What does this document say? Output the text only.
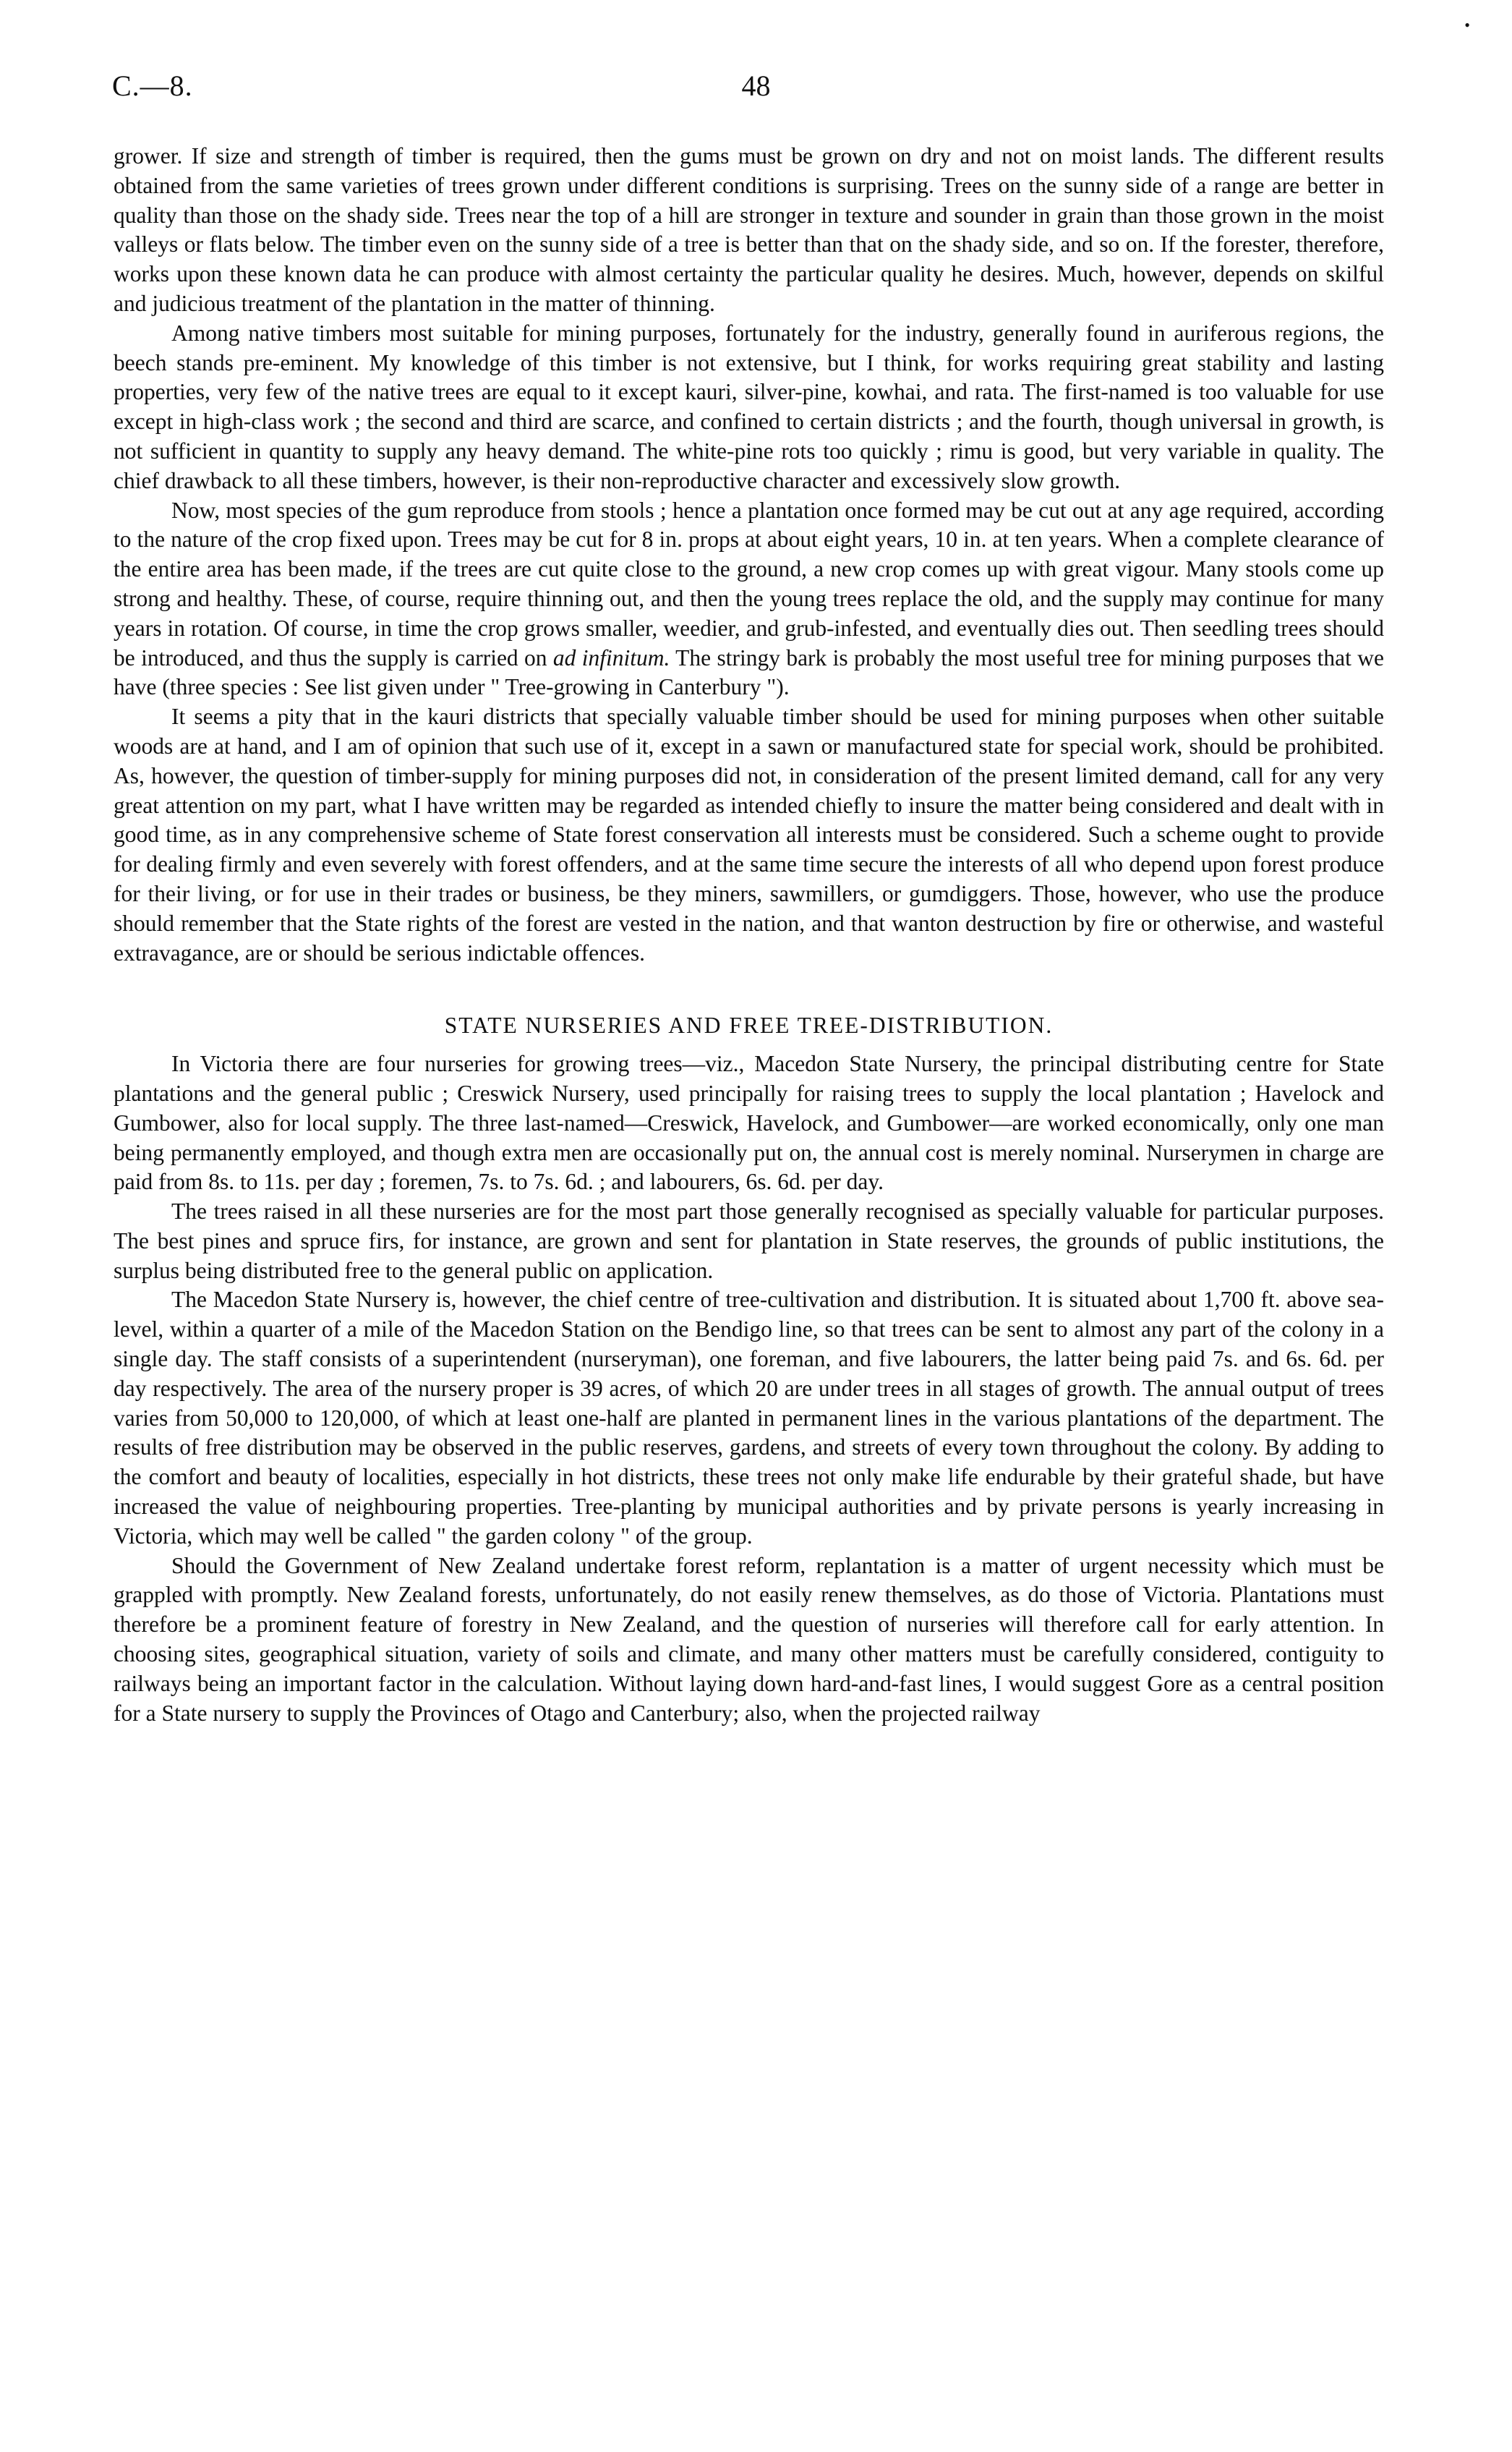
•
C.—8.	48

grower. If size and strength of timber is required, then the gums must be grown on dry and not on moist lands. The different results obtained from the same varieties of trees grown under different conditions is surprising. Trees on the sunny side of a range are better in quality than those on the shady side. Trees near the top of a hill are stronger in texture and sounder in grain than those grown in the moist valleys or flats below. The timber even on the sunny side of a tree is better than that on the shady side, and so on. If the forester, therefore, works upon these known data he can produce with almost certainty the particular quality he desires. Much, however, depends on skilful and judicious treatment of the plantation in the matter of thinning.

Among native timbers most suitable for mining purposes, fortunately for the industry, generally found in auriferous regions, the beech stands pre-eminent. My knowledge of this timber is not extensive, but I think, for works requiring great stability and lasting properties, very few of the native trees are equal to it except kauri, silver-pine, kowhai, and rata. The first-named is too valuable for use except in high-class work ; the second and third are scarce, and confined to certain districts ; and the fourth, though universal in growth, is not sufficient in quantity to supply any heavy demand. The white-pine rots too quickly ; rimu is good, but very variable in quality. The chief drawback to all these timbers, however, is their non-reproductive character and excessively slow growth.

Now, most species of the gum reproduce from stools ; hence a plantation once formed may be cut out at any age required, according to the nature of the crop fixed upon. Trees may be cut for 8 in. props at about eight years, 10 in. at ten years. When a complete clearance of the entire area has been made, if the trees are cut quite close to the ground, a new crop comes up with great vigour. Many stools come up strong and healthy. These, of course, require thinning out, and then the young trees replace the old, and the supply may continue for many years in rotation. Of course, in time the crop grows smaller, weedier, and grub-infested, and eventually dies out. Then seedling trees should be introduced, and thus the supply is carried on ad infinitum. The stringy bark is probably the most useful tree for mining purposes that we have (three species : See list given under " Tree-growing in Canterbury ").

It seems a pity that in the kauri districts that specially valuable timber should be used for mining purposes when other suitable woods are at hand, and I am of opinion that such use of it, except in a sawn or manufactured state for special work, should be prohibited. As, however, the question of timber-supply for mining purposes did not, in consideration of the present limited demand, call for any very great attention on my part, what I have written may be regarded as intended chiefly to insure the matter being considered and dealt with in good time, as in any comprehensive scheme of State forest conservation all interests must be considered. Such a scheme ought to provide for dealing firmly and even severely with forest offenders, and at the same time secure the interests of all who depend upon forest produce for their living, or for use in their trades or business, be they miners, sawmillers, or gumdiggers. Those, however, who use the produce should remember that the State rights of the forest are vested in the nation, and that wanton destruction by fire or otherwise, and wasteful extravagance, are or should be serious indictable offences.

STATE NURSERIES AND FREE TREE-DISTRIBUTION.

In Victoria there are four nurseries for growing trees—viz., Macedon State Nursery, the principal distributing centre for State plantations and the general public ; Creswick Nursery, used principally for raising trees to supply the local plantation ; Havelock and Gumbower, also for local supply. The three last-named—Creswick, Havelock, and Gumbower—are worked economically, only one man being permanently employed, and though extra men are occasionally put on, the annual cost is merely nominal. Nurserymen in charge are paid from 8s. to 11s. per day ; foremen, 7s. to 7s. 6d. ; and labourers, 6s. 6d. per day.

The trees raised in all these nurseries are for the most part those generally recognised as specially valuable for particular purposes. The best pines and spruce firs, for instance, are grown and sent for plantation in State reserves, the grounds of public institutions, the surplus being distributed free to the general public on application.

The Macedon State Nursery is, however, the chief centre of tree-cultivation and distribution. It is situated about 1,700 ft. above sea-level, within a quarter of a mile of the Macedon Station on the Bendigo line, so that trees can be sent to almost any part of the colony in a single day. The staff consists of a superintendent (nurseryman), one foreman, and five labourers, the latter being paid 7s. and 6s. 6d. per day respectively. The area of the nursery proper is 39 acres, of which 20 are under trees in all stages of growth. The annual output of trees varies from 50,000 to 120,000, of which at least one-half are planted in permanent lines in the various plantations of the department. The results of free distribution may be observed in the public reserves, gardens, and streets of every town throughout the colony. By adding to the comfort and beauty of localities, especially in hot districts, these trees not only make life endurable by their grateful shade, but have increased the value of neighbouring properties. Tree-planting by municipal authorities and by private persons is yearly increasing in Victoria, which may well be called " the garden colony " of the group.

Should the Government of New Zealand undertake forest reform, replantation is a matter of urgent necessity which must be grappled with promptly. New Zealand forests, unfortunately, do not easily renew themselves, as do those of Victoria. Plantations must therefore be a prominent feature of forestry in New Zealand, and the question of nurseries will therefore call for early attention. In choosing sites, geographical situation, variety of soils and climate, and many other matters must be carefully considered, contiguity to railways being an important factor in the calculation. Without laying down hard-and-fast lines, I would suggest Gore as a central position for a State nursery to supply the Provinces of Otago and Canterbury; also, when the projected railway
